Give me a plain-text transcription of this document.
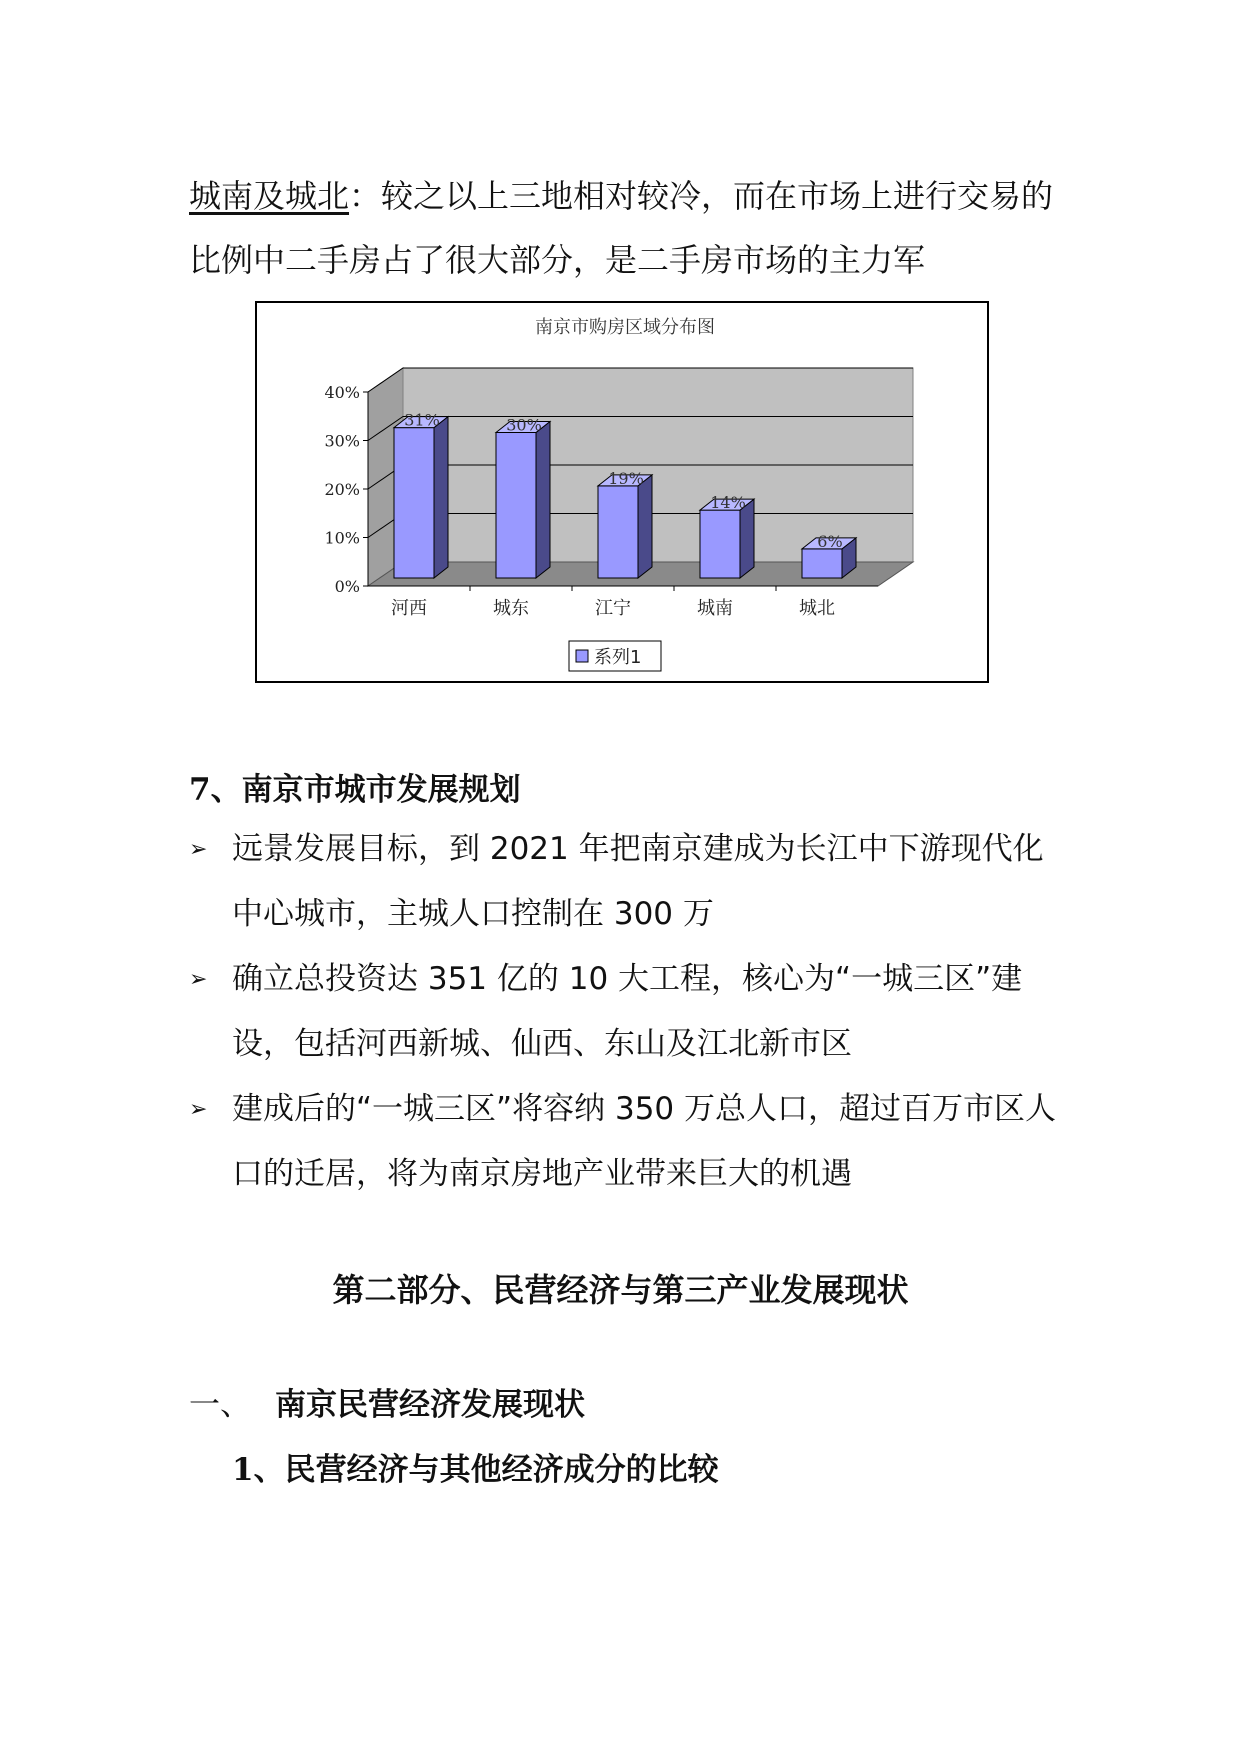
城南及城北：较之以上三地相对较冷，而在市场上进行交易的比例中二手房占了很大部分，是二手房市场的主力军

0%
10%
20%
30%
40%
31%
河西
30%
城东
19%
江宁
14%
城南
6%
城北
南京市购房区域分布图
系列1
7、南京市城市发展规划
➢ 远景发展目标，到 2021 年把南京建成为长江中下游现代化中心城市，主城人口控制在 300 万
➢ 确立总投资达 351 亿的 10 大工程，核心为“一城三区”建设，包括河西新城、仙西、东山及江北新市区
➢ 建成后的“一城三区”将容纳 350 万总人口，超过百万市区人口的迁居，将为南京房地产业带来巨大的机遇
第二部分、民营经济与第三产业发展现状
一、 南京民营经济发展现状
1、民营经济与其他经济成分的比较
